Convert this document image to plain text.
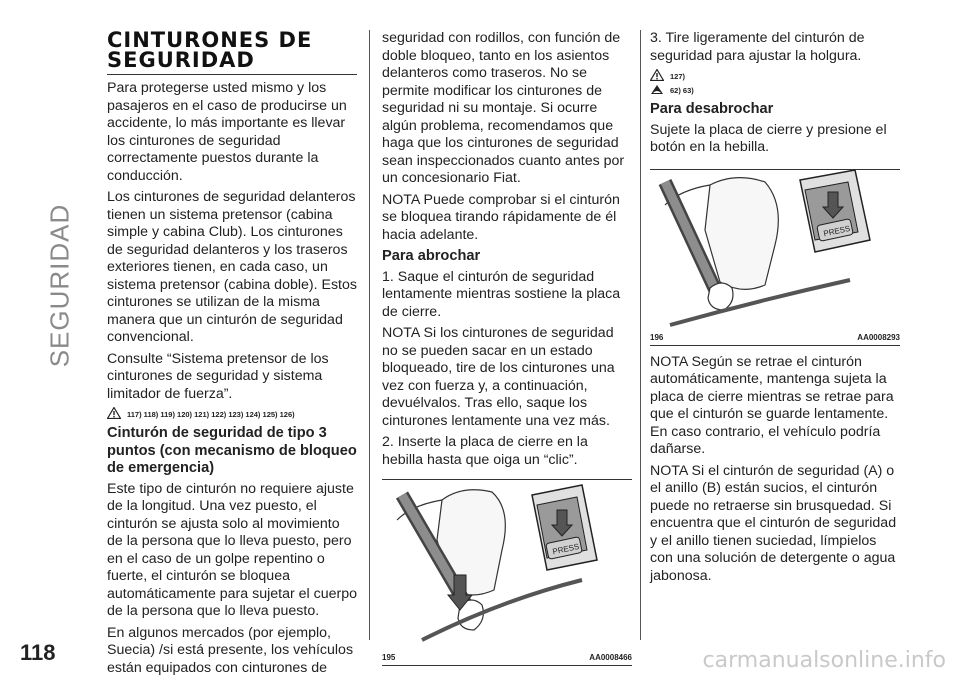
SEGURIDAD
CINTURONES DE
SEGURIDAD

Para protegerse usted mismo y los pasajeros en el caso de producirse un accidente, lo más importante es llevar los cinturones de seguridad correctamente puestos durante la conducción.

Los cinturones de seguridad delanteros tienen un sistema pretensor (cabina simple y cabina Club). Los cinturones de seguridad delanteros y los traseros exteriores tienen, en cada caso, un sistema pretensor (cabina doble). Estos cinturones se utilizan de la misma manera que un cinturón de seguridad convencional.

Consulte “Sistema pretensor de los cinturones de seguridad y sistema limitador de fuerza”.

117) 118) 119) 120) 121) 122) 123) 124) 125) 126)
Cinturón de seguridad de tipo 3 puntos (con mecanismo de bloqueo de emergencia)

Este tipo de cinturón no requiere ajuste de la longitud. Una vez puesto, el cinturón se ajusta solo al movimiento de la persona que lo lleva puesto, pero en el caso de un golpe repentino o fuerte, el cinturón se bloquea automáticamente para sujetar el cuerpo de la persona que lo lleva puesto.

En algunos mercados (por ejemplo, Suecia) /si está presente, los vehículos están equipados con cinturones de

seguridad con rodillos, con función de doble bloqueo, tanto en los asientos delanteros como traseros. No se permite modificar los cinturones de seguridad ni su montaje. Si ocurre algún problema, recomendamos que haga que los cinturones de seguridad sean inspeccionados cuanto antes por un concesionario Fiat.

NOTA Puede comprobar si el cinturón se bloquea tirando rápidamente de él hacia adelante.

Para abrochar

1. Saque el cinturón de seguridad lentamente mientras sostiene la placa de cierre.

NOTA Si los cinturones de seguridad no se pueden sacar en un estado bloqueado, tire de los cinturones una vez con fuerza y, a continuación, devuélvalos. Tras ello, saque los cinturones lentamente una vez más.

2. Inserte la placa de cierre en la hebilla hasta que oiga un “clic”.

PRESS
195	AA0008466

3. Tire ligeramente del cinturón de seguridad para ajustar la holgura.

127)
62) 63)
Para desabrochar

Sujete la placa de cierre y presione el botón en la hebilla.

PRESS
196	AA0008293

NOTA Según se retrae el cinturón automáticamente, mantenga sujeta la placa de cierre mientras se retrae para que el cinturón se guarde lentamente. En caso contrario, el vehículo podría dañarse.

NOTA Si el cinturón de seguridad (A) o el anillo (B) están sucios, el cinturón puede no retraerse sin brusquedad. Si encuentra que el cinturón de seguridad y el anillo tienen suciedad, límpielos con una solución de detergente o agua jabonosa.

118	carmanualsonline.info
